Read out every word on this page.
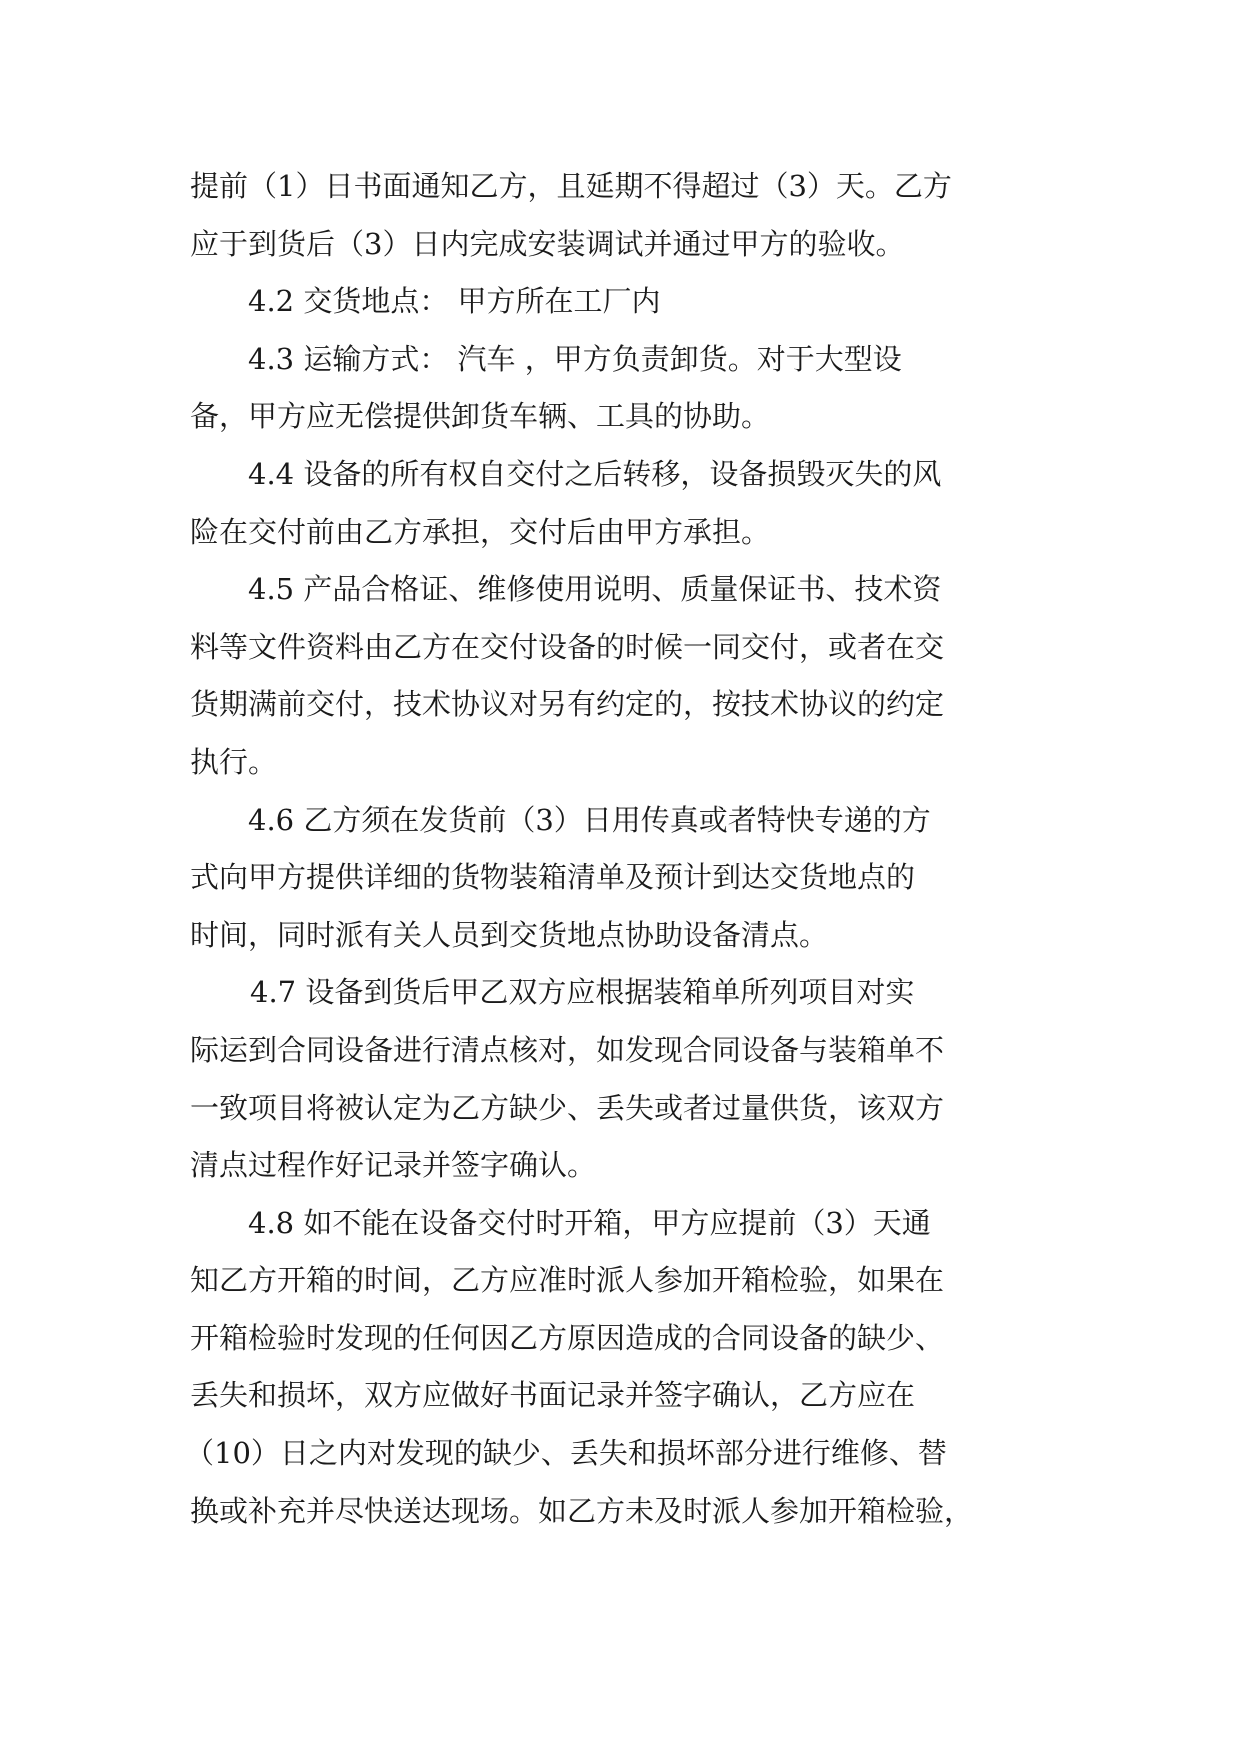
提前（1）日书面通知乙方，且延期不得超过（3）天。乙方
应于到货后（3）日内完成安装调试并通过甲方的验收。
4.2 交货地点： 甲方所在工厂内
4.3 运输方式： 汽车 ，甲方负责卸货。对于大型设
备，甲方应无偿提供卸货车辆、工具的协助。
4.4 设备的所有权自交付之后转移，设备损毁灭失的风
险在交付前由乙方承担，交付后由甲方承担。
4.5 产品合格证、维修使用说明、质量保证书、技术资
料等文件资料由乙方在交付设备的时候一同交付，或者在交
货期满前交付，技术协议对另有约定的，按技术协议的约定
执行。
4.6 乙方须在发货前（3）日用传真或者特快专递的方
式向甲方提供详细的货物装箱清单及预计到达交货地点的
时间，同时派有关人员到交货地点协助设备清点。
4.7 设备到货后甲乙双方应根据装箱单所列项目对实
际运到合同设备进行清点核对，如发现合同设备与装箱单不
一致项目将被认定为乙方缺少、丢失或者过量供货，该双方
清点过程作好记录并签字确认。
4.8 如不能在设备交付时开箱，甲方应提前（3）天通
知乙方开箱的时间，乙方应准时派人参加开箱检验，如果在
开箱检验时发现的任何因乙方原因造成的合同设备的缺少、
丢失和损坏，双方应做好书面记录并签字确认，乙方应在
（10）日之内对发现的缺少、丢失和损坏部分进行维修、替
换或补充并尽快送达现场。如乙方未及时派人参加开箱检验，
